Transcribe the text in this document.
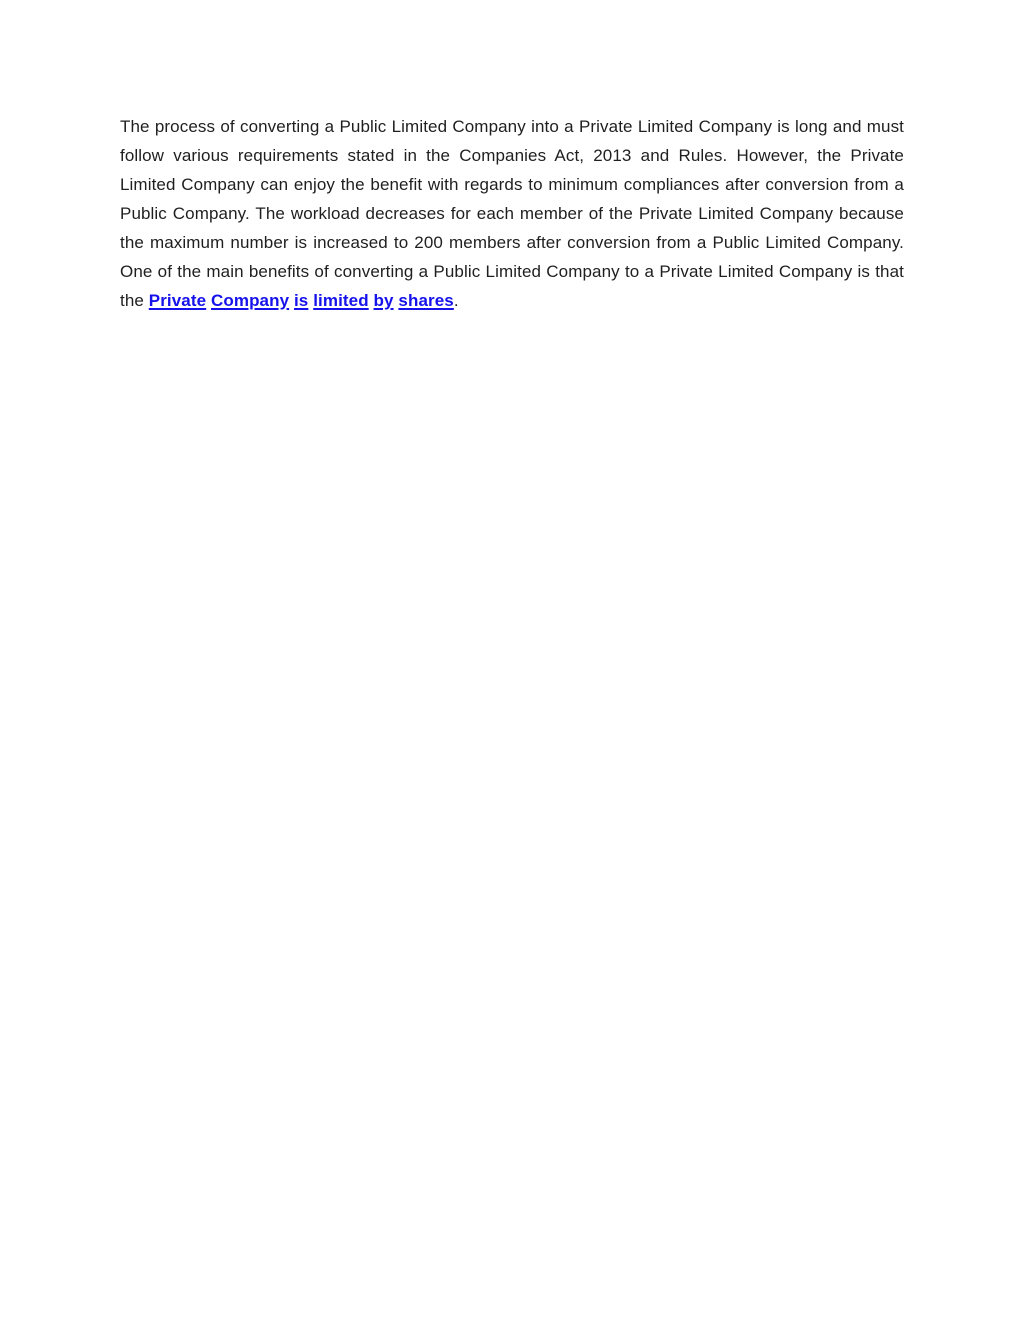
The process of converting a Public Limited Company into a Private Limited Company is long and must follow various requirements stated in the Companies Act, 2013 and Rules. However, the Private Limited Company can enjoy the benefit with regards to minimum compliances after conversion from a Public Company. The workload decreases for each member of the Private Limited Company because the maximum number is increased to 200 members after conversion from a Public Limited Company. One of the main benefits of converting a Public Limited Company to a Private Limited Company is that the Private Company is limited by shares.
